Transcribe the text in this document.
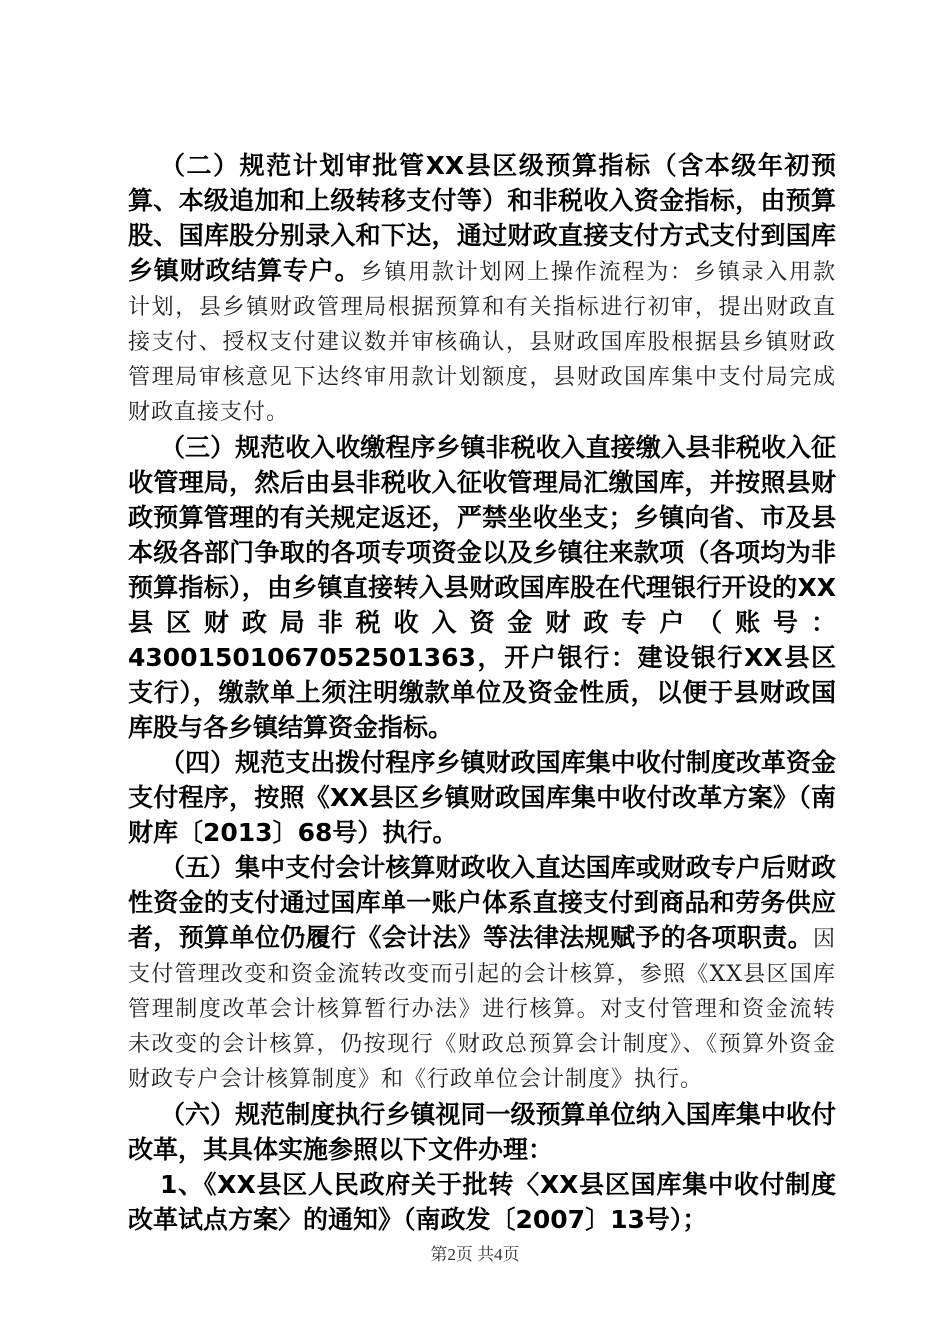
（二）规范计划审批管XX县区级预算指标（含本级年初预算、本级追加和上级转移支付等）和非税收入资金指标，由预算股、国库股分别录入和下达，通过财政直接支付方式支付到国库乡镇财政结算专户。乡镇用款计划网上操作流程为：乡镇录入用款计划，县乡镇财政管理局根据预算和有关指标进行初审，提出财政直接支付、授权支付建议数并审核确认，县财政国库股根据县乡镇财政管理局审核意见下达终审用款计划额度，县财政国库集中支付局完成财政直接支付。

（三）规范收入收缴程序乡镇非税收入直接缴入县非税收入征收管理局，然后由县非税收入征收管理局汇缴国库，并按照县财政预算管理的有关规定返还，严禁坐收坐支；乡镇向省、市及县本级各部门争取的各项专项资金以及乡镇往来款项（各项均为非预算指标），由乡镇直接转入县财政国库股在代理银行开设的XX县区财政局非税收入资金财政专户（账号：43001501067052501363，开户银行：建设银行XX县区支行），缴款单上须注明缴款单位及资金性质，以便于县财政国库股与各乡镇结算资金指标。

（四）规范支出拨付程序乡镇财政国库集中收付制度改革资金支付程序，按照《XX县区乡镇财政国库集中收付改革方案》（南财库〔2013〕68号）执行。

（五）集中支付会计核算财政收入直达国库或财政专户后财政性资金的支付通过国库单一账户体系直接支付到商品和劳务供应者，预算单位仍履行《会计法》等法律法规赋予的各项职责。因支付管理改变和资金流转改变而引起的会计核算，参照《XX县区国库管理制度改革会计核算暂行办法》进行核算。对支付管理和资金流转未改变的会计核算，仍按现行《财政总预算会计制度》、《预算外资金财政专户会计核算制度》和《行政单位会计制度》执行。

（六）规范制度执行乡镇视同一级预算单位纳入国库集中收付改革，其具体实施参照以下文件办理：

1、《XX县区人民政府关于批转〈XX县区国库集中收付制度改革试点方案〉的通知》（南政发〔2007〕13号）；

第2页 共4页
